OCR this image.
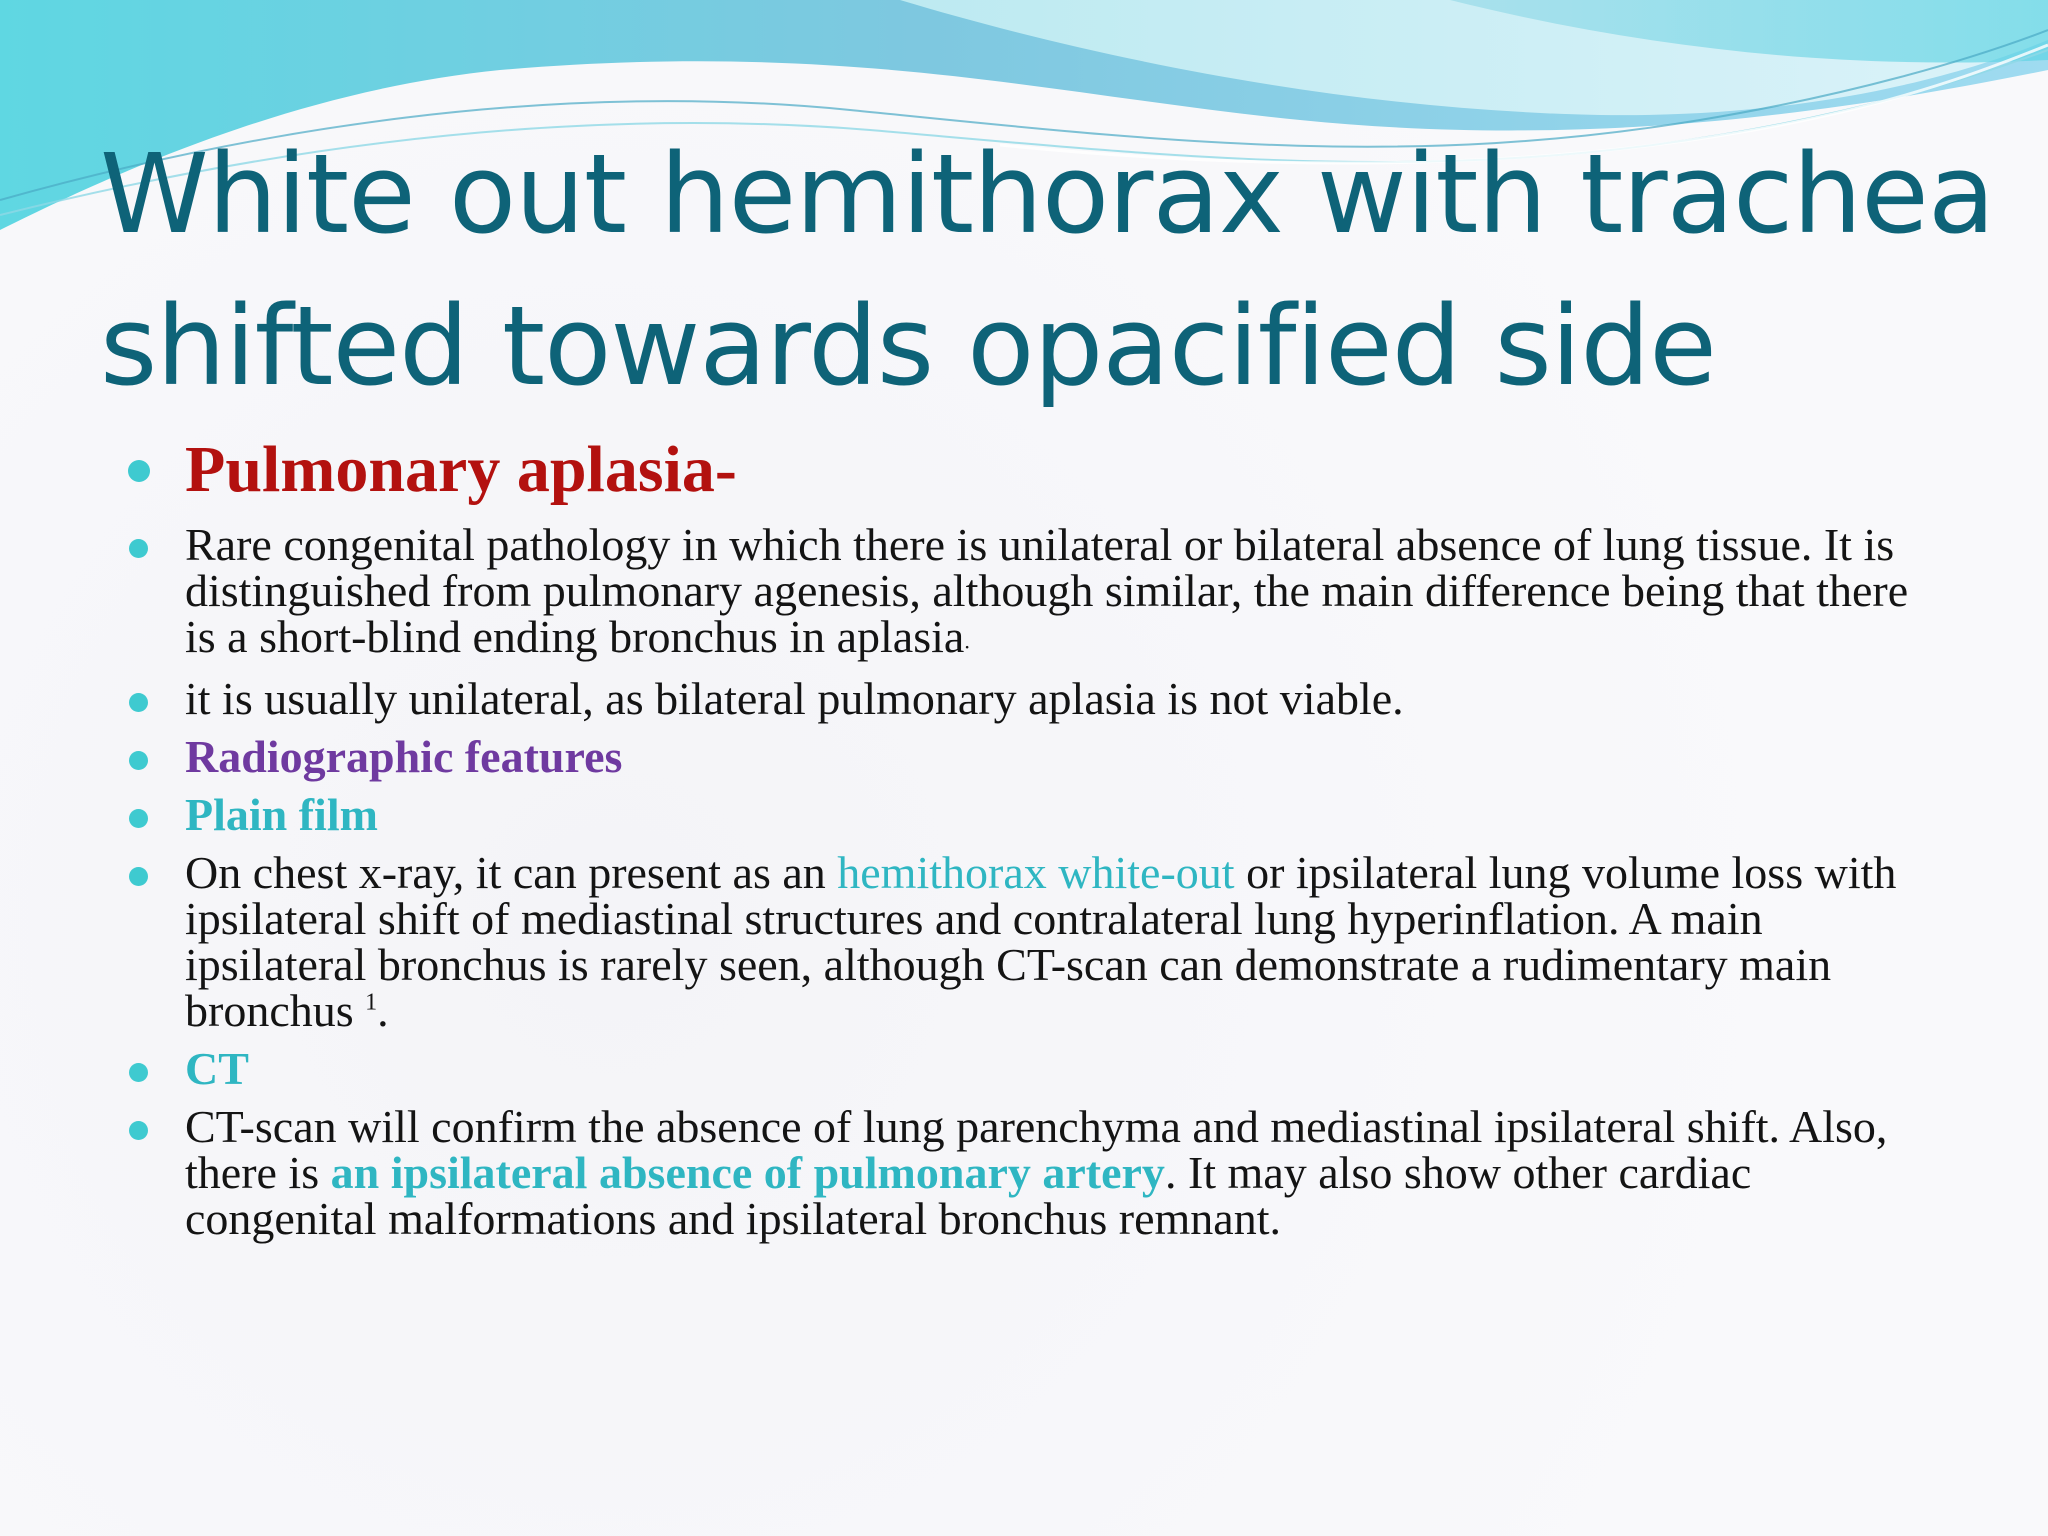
White out hemithorax with trachea shifted towards opacified side
Pulmonary aplasia-
Rare congenital pathology in which there is unilateral or bilateral absence of lung tissue. It is distinguished from pulmonary agenesis, although similar, the main difference being that there is a short-blind ending bronchus in aplasia.
it is usually unilateral, as bilateral pulmonary aplasia is not viable.
Radiographic features
Plain film
On chest x-ray, it can present as an hemithorax white-out or ipsilateral lung volume loss with ipsilateral shift of mediastinal structures and contralateral lung hyperinflation. A main ipsilateral bronchus is rarely seen, although CT-scan can demonstrate a rudimentary main bronchus $^1$.
CT
CT-scan will confirm the absence of lung parenchyma and mediastinal ipsilateral shift. Also, there is an ipsilateral absence of pulmonary artery. It may also show other cardiac congenital malformations and ipsilateral bronchus remnant.
